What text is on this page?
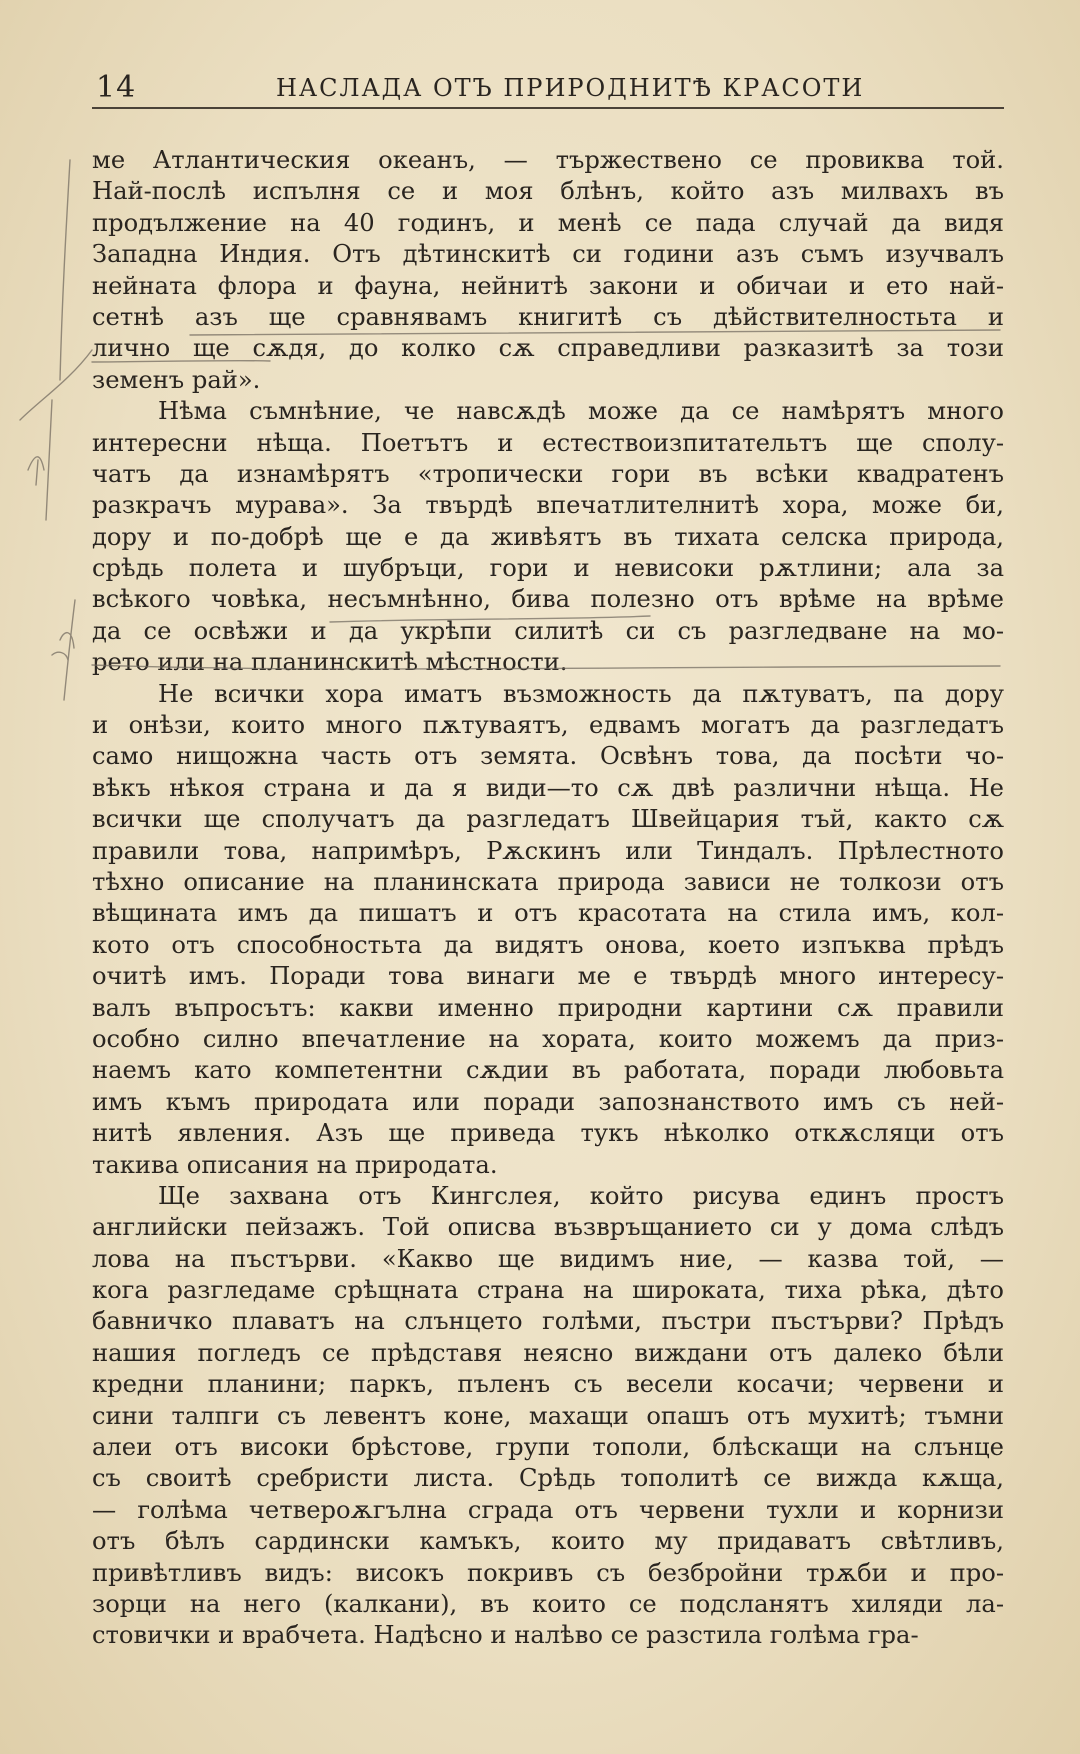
14	НАСЛАДА ОТЪ ПРИРОДНИТѢ КРАСОТИ
ме Атлантическия океанъ, — тържествено се провиква той.
Най-послѣ испълня се и моя блѣнъ, който азъ милвахъ въ
продължение на 40 годинъ, и менѣ се пада случай да видя
Западна Индия. Отъ дѣтинскитѣ си години азъ съмъ изучвалъ
нейната флора и фауна, нейнитѣ закони и обичаи и ето най-
сетнѣ азъ ще сравнявамъ книгитѣ съ дѣйствителностьта и
лично ще сѫдя, до колко сѫ справедливи разказитѣ за този
земенъ рай».
Нѣма съмнѣние, че навсѫдѣ може да се намѣрятъ много
интересни нѣща. Поетътъ и естествоизпитательтъ ще сполу-
чатъ да изнамѣрятъ «тропически гори въ всѣки квадратенъ
разкрачъ мурава». За твърдѣ впечатлителнитѣ хора, може би,
дору и по-добрѣ ще е да живѣятъ въ тихата селска природа,
срѣдь полета и шубръци, гори и невисоки рѫтлини; ала за
всѣкого човѣка, несъмнѣнно, бива полезно отъ врѣме на врѣме
да се освѣжи и да укрѣпи силитѣ си съ разгледване на мо-
рето или на планинскитѣ мѣстности.
Не всички хора иматъ възможность да пѫтуватъ, па дору
и онѣзи, които много пѫтуваятъ, едвамъ могатъ да разгледатъ
само нищожна часть отъ земята. Освѣнъ това, да посѣти чо-
вѣкъ нѣкоя страна и да я види—то сѫ двѣ различни нѣща. Не
всички ще сполучатъ да разгледатъ Швейцария тъй, както сѫ
правили това, напримѣръ, Рѫскинъ или Тиндалъ. Прѣлестното
тѣхно описание на планинската природа зависи не толкози отъ
вѣщината имъ да пишатъ и отъ красотата на стила имъ, кол-
кото отъ способностьта да видятъ онова, което изпъква прѣдъ
очитѣ имъ. Поради това винаги ме е твърдѣ много интересу-
валъ въпросътъ: какви именно природни картини сѫ правили
особно силно впечатление на хората, които можемъ да приз-
наемъ като компетентни сѫдии въ работата, поради любовьта
имъ къмъ природата или поради запознанството имъ съ ней-
нитѣ явления. Азъ ще приведа тукъ нѣколко откѫсляци отъ
такива описания на природата.
Ще захвана отъ Кингслея, който рисува единъ простъ
английски пейзажъ. Той описва възвръщанието си у дома слѣдъ
лова на пъстърви. «Какво ще видимъ ние, — казва той, —
кога разгледаме срѣщната страна на широката, тиха рѣка, дѣто
бавничко плаватъ на слънцето голѣми, пъстри пъстърви? Прѣдъ
нашия погледъ се прѣдставя неясно виждани отъ далеко бѣли
кредни планини; паркъ, пъленъ съ весели косачи; червени и
сини талпги съ левентъ коне, махащи опашъ отъ мухитѣ; тъмни
алеи отъ високи брѣстове, групи тополи, блѣскащи на слънце
съ своитѣ сребристи листа. Срѣдь тополитѣ се вижда кѫща,
— голѣма четвероѫгълна сграда отъ червени тухли и корнизи
отъ бѣлъ сардински камъкъ, които му придаватъ свѣтливъ,
привѣтливъ видъ: високъ покривъ съ безбройни трѫби и про-
зорци на него (калкани), въ които се подсланятъ хиляди ла-
стовички и врабчета. Надѣсно и налѣво се разстила голѣма гра-
